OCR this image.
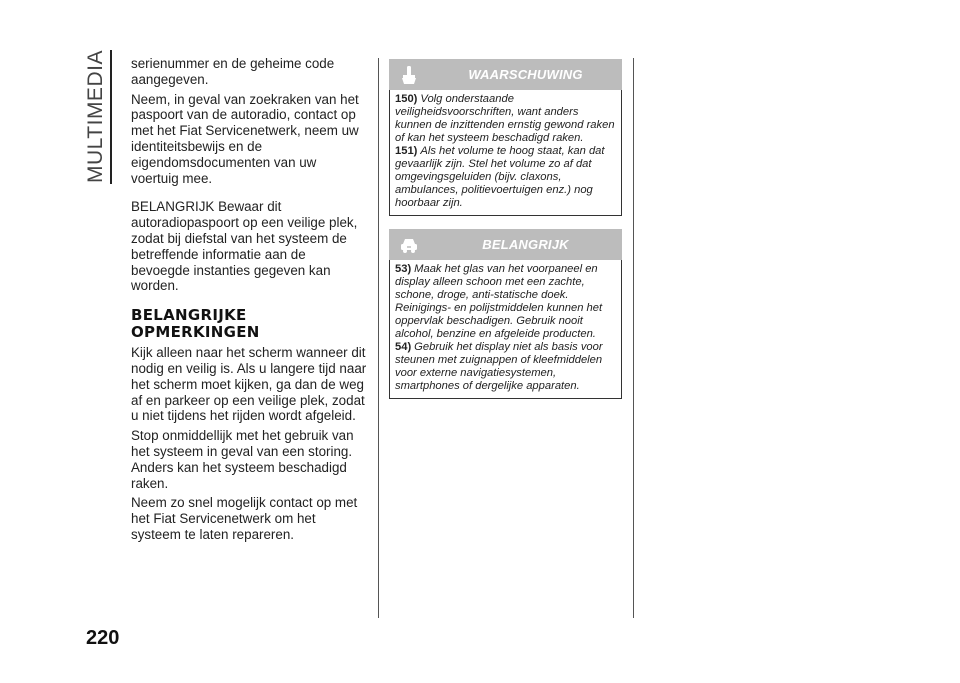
MULTIMEDIA serienummer en de geheime code aangegeven.

Neem, in geval van zoekraken van het paspoort van de autoradio, contact op met het Fiat Servicenetwerk, neem uw identiteitsbewijs en de eigendomsdocumenten van uw voertuig mee.

BELANGRIJK Bewaar dit autoradiopaspoort op een veilige plek, zodat bij diefstal van het systeem de betreffende informatie aan de bevoegde instanties gegeven kan worden.

BELANGRIJKE OPMERKINGEN

Kijk alleen naar het scherm wanneer dit nodig en veilig is. Als u langere tijd naar het scherm moet kijken, ga dan de weg af en parkeer op een veilige plek, zodat u niet tijdens het rijden wordt afgeleid.

Stop onmiddellijk met het gebruik van het systeem in geval van een storing. Anders kan het systeem beschadigd raken.

Neem zo snel mogelijk contact op met het Fiat Servicenetwerk om het systeem te laten repareren.

WAARSCHUWING

150) Volg onderstaande veiligheidsvoorschriften, want anders kunnen de inzittenden ernstig gewond raken of kan het systeem beschadigd raken.

151) Als het volume te hoog staat, kan dat gevaarlijk zijn. Stel het volume zo af dat omgevingsgeluiden (bijv. claxons, ambulances, politievoertuigen enz.) nog hoorbaar zijn.

BELANGRIJK

53) Maak het glas van het voorpaneel en display alleen schoon met een zachte, schone, droge, anti-statische doek. Reinigings- en polijstmiddelen kunnen het oppervlak beschadigen. Gebruik nooit alcohol, benzine en afgeleide producten.

54) Gebruik het display niet als basis voor steunen met zuignappen of kleefmiddelen voor externe navigatiesystemen, smartphones of dergelijke apparaten.

220
